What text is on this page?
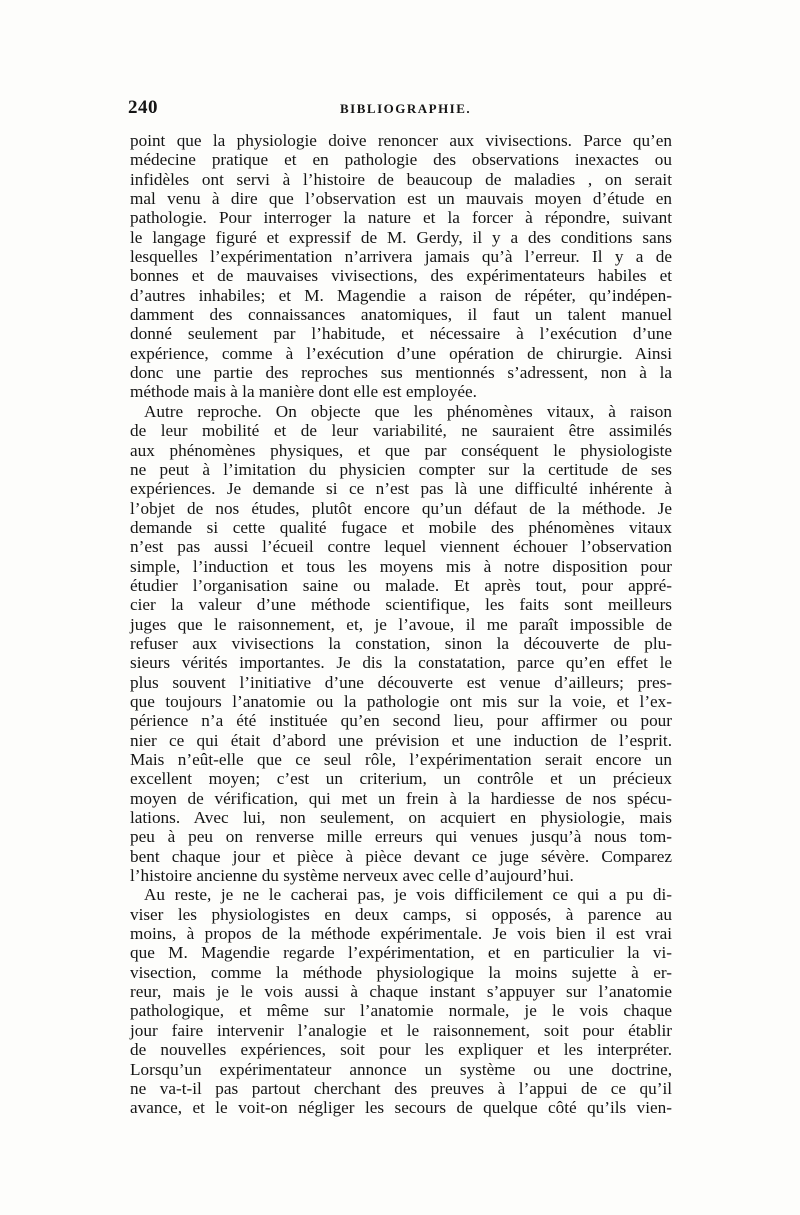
240	BIBLIOGRAPHIE.
point que la physiologie doive renoncer aux vivisections. Parce qu’en
médecine pratique et en pathologie des observations inexactes ou
infidèles ont servi à l’histoire de beaucoup de maladies , on serait
mal venu à dire que l’observation est un mauvais moyen d’étude en
pathologie. Pour interroger la nature et la forcer à répondre, suivant
le langage figuré et expressif de M. Gerdy, il y a des conditions sans
lesquelles l’expérimentation n’arrivera jamais qu’à l’erreur. Il y a de
bonnes et de mauvaises vivisections, des expérimentateurs habiles et
d’autres inhabiles; et M. Magendie a raison de répéter, qu’indépen-
damment des connaissances anatomiques, il faut un talent manuel
donné seulement par l’habitude, et nécessaire à l’exécution d’une
expérience, comme à l’exécution d’une opération de chirurgie. Ainsi
donc une partie des reproches sus mentionnés s’adressent, non à la
méthode mais à la manière dont elle est employée.
Autre reproche. On objecte que les phénomènes vitaux, à raison
de leur mobilité et de leur variabilité, ne sauraient être assimilés
aux phénomènes physiques, et que par conséquent le physiologiste
ne peut à l’imitation du physicien compter sur la certitude de ses
expériences. Je demande si ce n’est pas là une difficulté inhérente à
l’objet de nos études, plutôt encore qu’un défaut de la méthode. Je
demande si cette qualité fugace et mobile des phénomènes vitaux
n’est pas aussi l’écueil contre lequel viennent échouer l’observation
simple, l’induction et tous les moyens mis à notre disposition pour
étudier l’organisation saine ou malade. Et après tout, pour appré-
cier la valeur d’une méthode scientifique, les faits sont meilleurs
juges que le raisonnement, et, je l’avoue, il me paraît impossible de
refuser aux vivisections la constation, sinon la découverte de plu-
sieurs vérités importantes. Je dis la constatation, parce qu’en effet le
plus souvent l’initiative d’une découverte est venue d’ailleurs; pres-
que toujours l’anatomie ou la pathologie ont mis sur la voie, et l’ex-
périence n’a été instituée qu’en second lieu, pour affirmer ou pour
nier ce qui était d’abord une prévision et une induction de l’esprit.
Mais n’eût-elle que ce seul rôle, l’expérimentation serait encore un
excellent moyen; c’est un criterium, un contrôle et un précieux
moyen de vérification, qui met un frein à la hardiesse de nos spécu-
lations. Avec lui, non seulement, on acquiert en physiologie, mais
peu à peu on renverse mille erreurs qui venues jusqu’à nous tom-
bent chaque jour et pièce à pièce devant ce juge sévère. Comparez
l’histoire ancienne du système nerveux avec celle d’aujourd’hui.
Au reste, je ne le cacherai pas, je vois difficilement ce qui a pu di-
viser les physiologistes en deux camps, si opposés, à parence au
moins, à propos de la méthode expérimentale. Je vois bien il est vrai
que M. Magendie regarde l’expérimentation, et en particulier la vi-
visection, comme la méthode physiologique la moins sujette à er-
reur, mais je le vois aussi à chaque instant s’appuyer sur l’anatomie
pathologique, et même sur l’anatomie normale, je le vois chaque
jour faire intervenir l’analogie et le raisonnement, soit pour établir
de nouvelles expériences, soit pour les expliquer et les interpréter.
Lorsqu’un expérimentateur annonce un système ou une doctrine,
ne va-t-il pas partout cherchant des preuves à l’appui de ce qu’il
avance, et le voit-on négliger les secours de quelque côté qu’ils vien-
